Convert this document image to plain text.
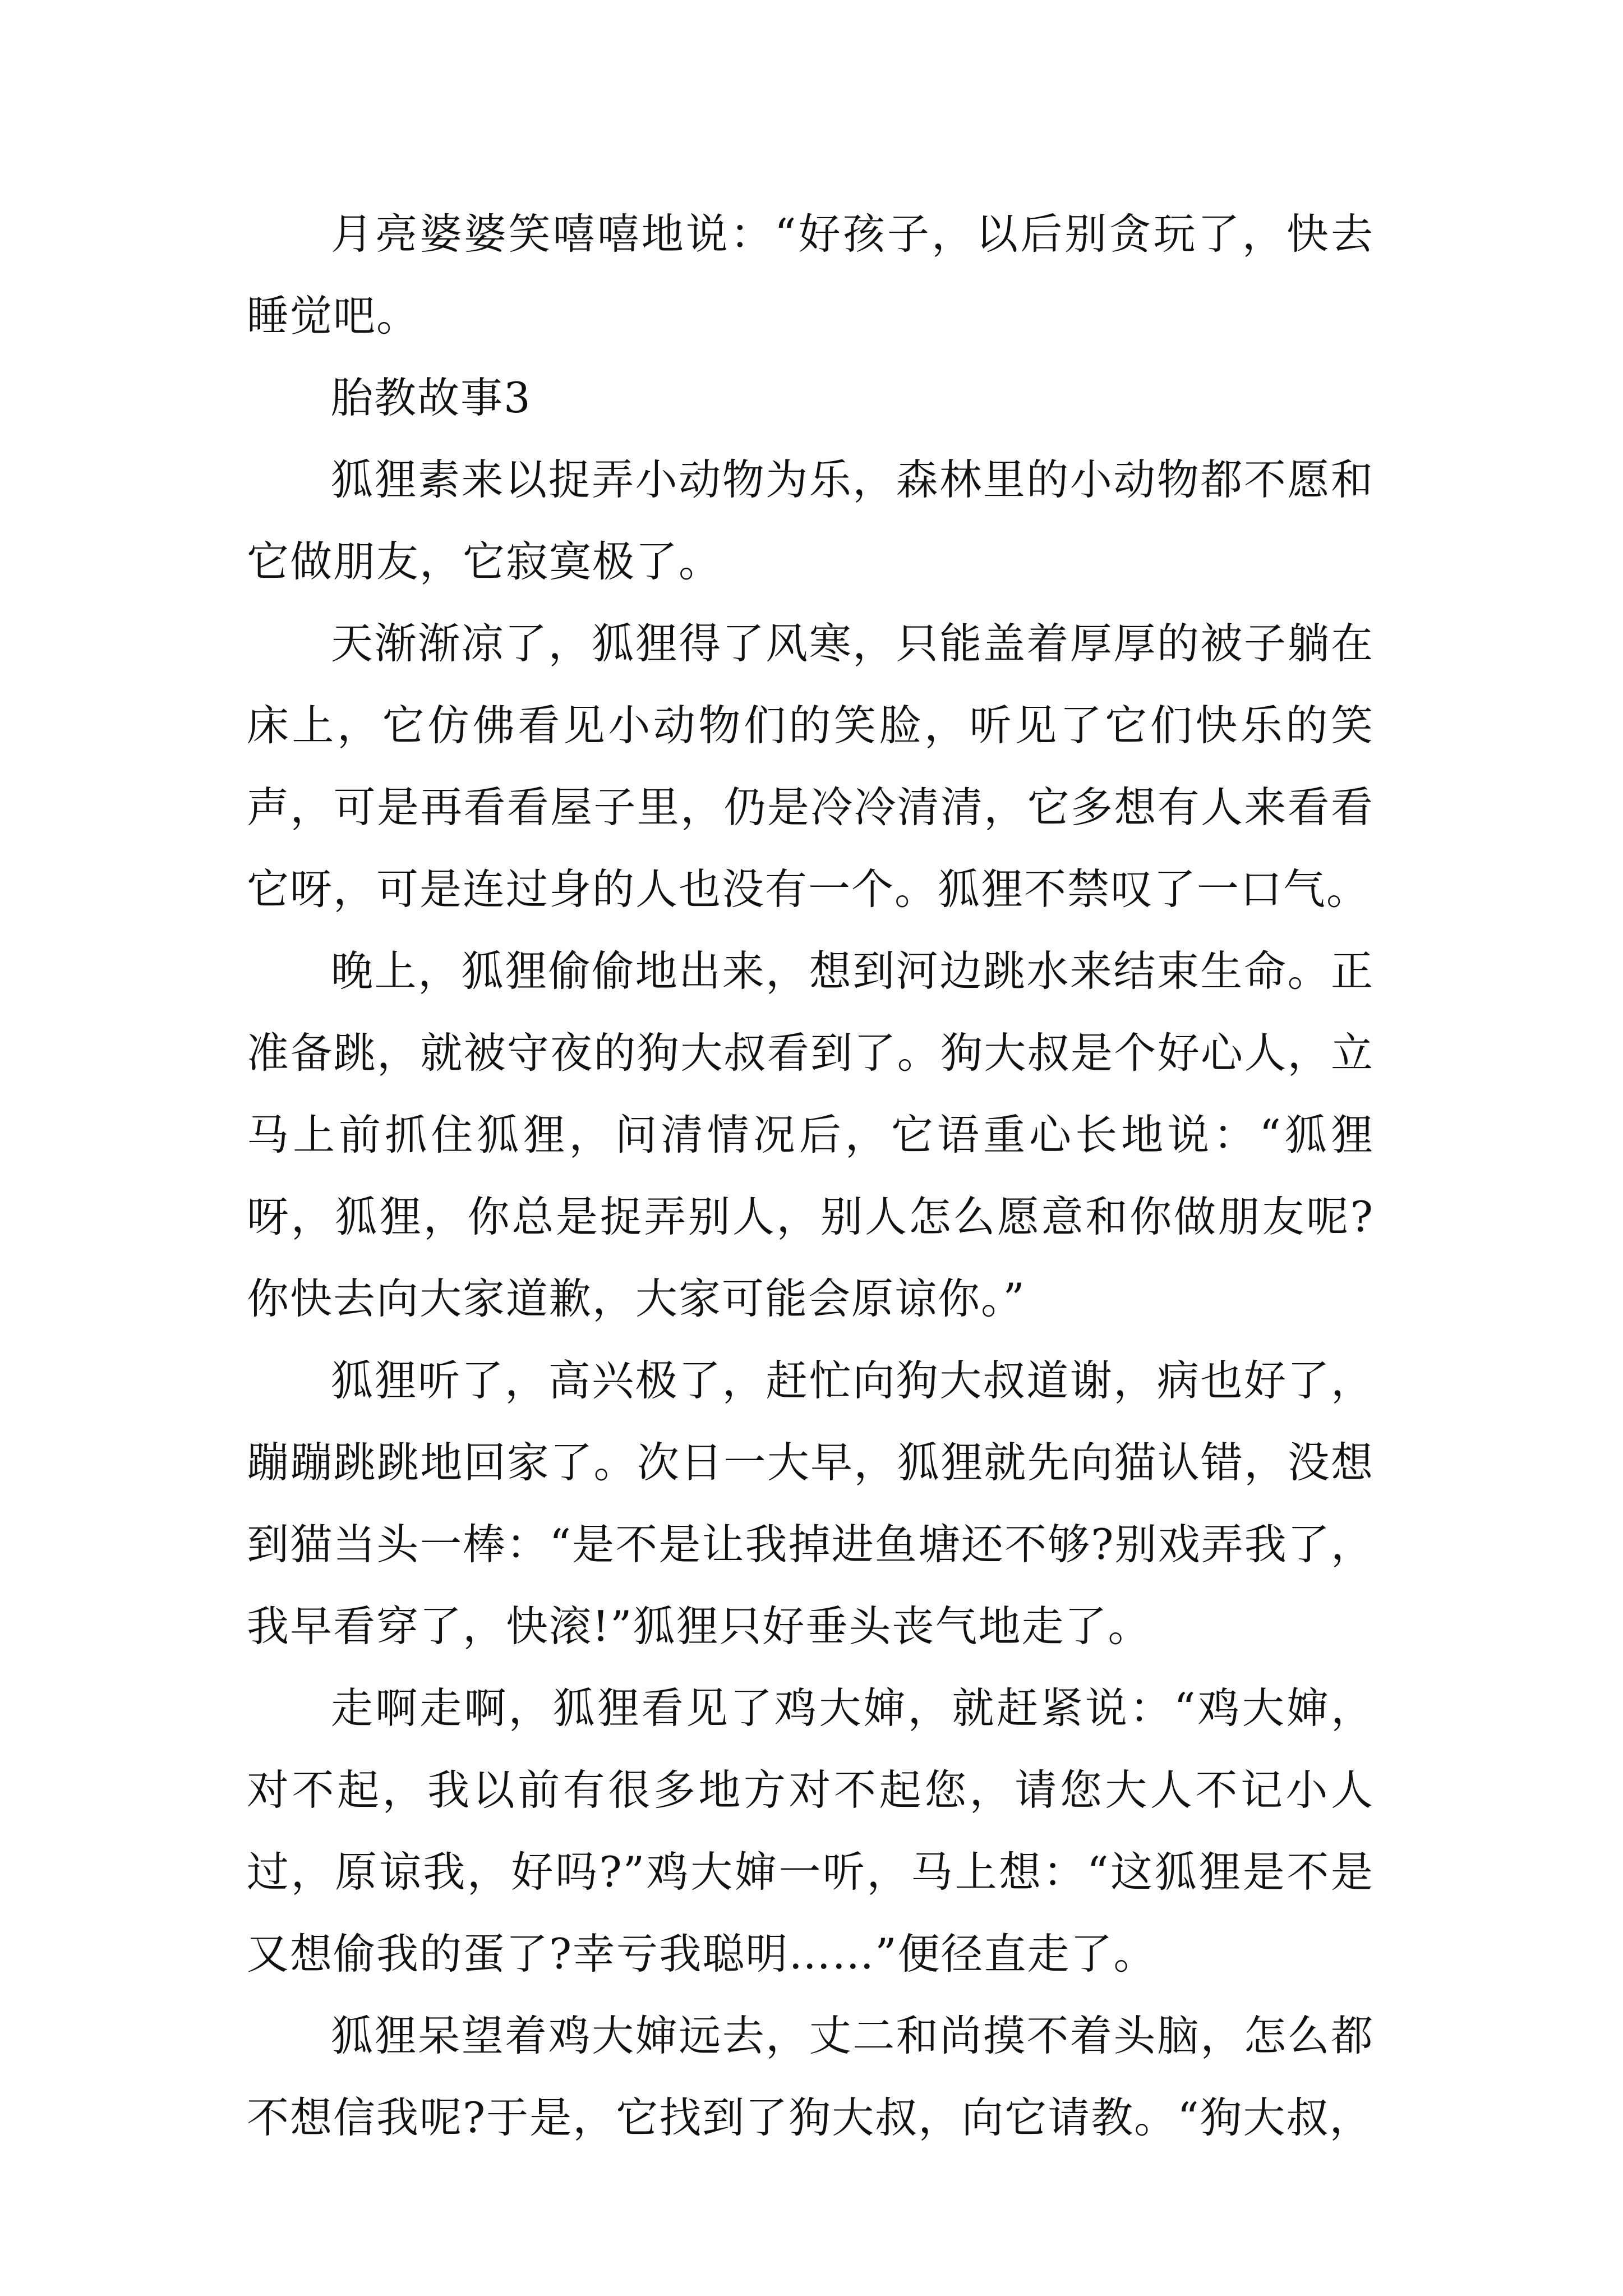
月亮婆婆笑嘻嘻地说：“好孩子，以后别贪玩了，快去睡觉吧。

胎教故事3

狐狸素来以捉弄小动物为乐，森林里的小动物都不愿和它做朋友，它寂寞极了。

天渐渐凉了，狐狸得了风寒，只能盖着厚厚的被子躺在床上，它仿佛看见小动物们的笑脸，听见了它们快乐的笑声，可是再看看屋子里，仍是冷冷清清，它多想有人来看看它呀，可是连过身的人也没有一个。狐狸不禁叹了一口气。

晚上，狐狸偷偷地出来，想到河边跳水来结束生命。正准备跳，就被守夜的狗大叔看到了。狗大叔是个好心人，立马上前抓住狐狸，问清情况后，它语重心长地说：“狐狸呀，狐狸，你总是捉弄别人，别人怎么愿意和你做朋友呢?你快去向大家道歉，大家可能会原谅你。”

狐狸听了，高兴极了，赶忙向狗大叔道谢，病也好了，蹦蹦跳跳地回家了。次日一大早，狐狸就先向猫认错，没想到猫当头一棒：“是不是让我掉进鱼塘还不够?别戏弄我了，我早看穿了，快滚!”狐狸只好垂头丧气地走了。

走啊走啊，狐狸看见了鸡大婶，就赶紧说：“鸡大婶，对不起，我以前有很多地方对不起您，请您大人不记小人过，原谅我，好吗?”鸡大婶一听，马上想：“这狐狸是不是又想偷我的蛋了?幸亏我聪明……”便径直走了。

狐狸呆望着鸡大婶远去，丈二和尚摸不着头脑，怎么都不想信我呢?于是，它找到了狗大叔，向它请教。“狗大叔，
